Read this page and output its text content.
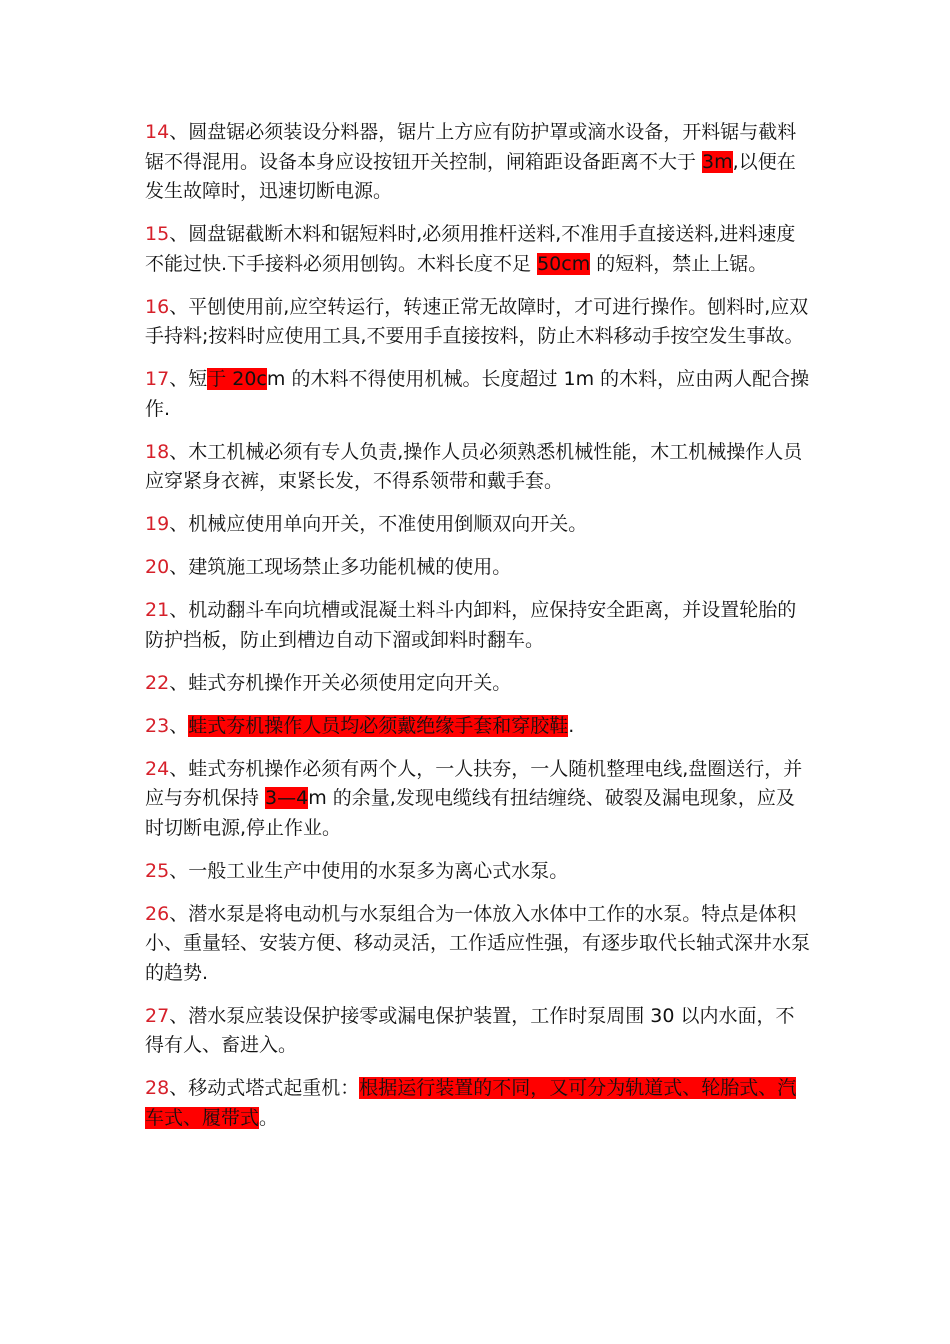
14、圆盘锯必须装设分料器，锯片上方应有防护罩或滴水设备，开料锯与截料锯不得混用。设备本身应设按钮开关控制，闸箱距设备距离不大于 3m,以便在发生故障时，迅速切断电源。

15、圆盘锯截断木料和锯短料时,必须用推杆送料,不准用手直接送料,进料速度不能过快.下手接料必须用刨钩。木料长度不足 50cm 的短料，禁止上锯。

16、平刨使用前,应空转运行，转速正常无故障时，才可进行操作。刨料时,应双手持料;按料时应使用工具,不要用手直接按料，防止木料移动手按空发生事故。

17、短于 20cm 的木料不得使用机械。长度超过 1m 的木料，应由两人配合操作.

18、木工机械必须有专人负责,操作人员必须熟悉机械性能，木工机械操作人员应穿紧身衣裤，束紧长发，不得系领带和戴手套。

19、机械应使用单向开关，不准使用倒顺双向开关。

20、建筑施工现场禁止多功能机械的使用。

21、机动翻斗车向坑槽或混凝土料斗内卸料，应保持安全距离，并设置轮胎的防护挡板，防止到槽边自动下溜或卸料时翻车。

22、蛙式夯机操作开关必须使用定向开关。

23、蛙式夯机操作人员均必须戴绝缘手套和穿胶鞋.

24、蛙式夯机操作必须有两个人，一人扶夯，一人随机整理电线,盘圈送行，并应与夯机保持 3—4m 的余量,发现电缆线有扭结缠绕、破裂及漏电现象，应及时切断电源,停止作业。

25、一般工业生产中使用的水泵多为离心式水泵。

26、潜水泵是将电动机与水泵组合为一体放入水体中工作的水泵。特点是体积小、重量轻、安装方便、移动灵活，工作适应性强，有逐步取代长轴式深井水泵的趋势.

27、潜水泵应装设保护接零或漏电保护装置，工作时泵周围 30 以内水面，不得有人、畜进入。

28、移动式塔式起重机：根据运行装置的不同，又可分为轨道式、轮胎式、汽车式、履带式。
